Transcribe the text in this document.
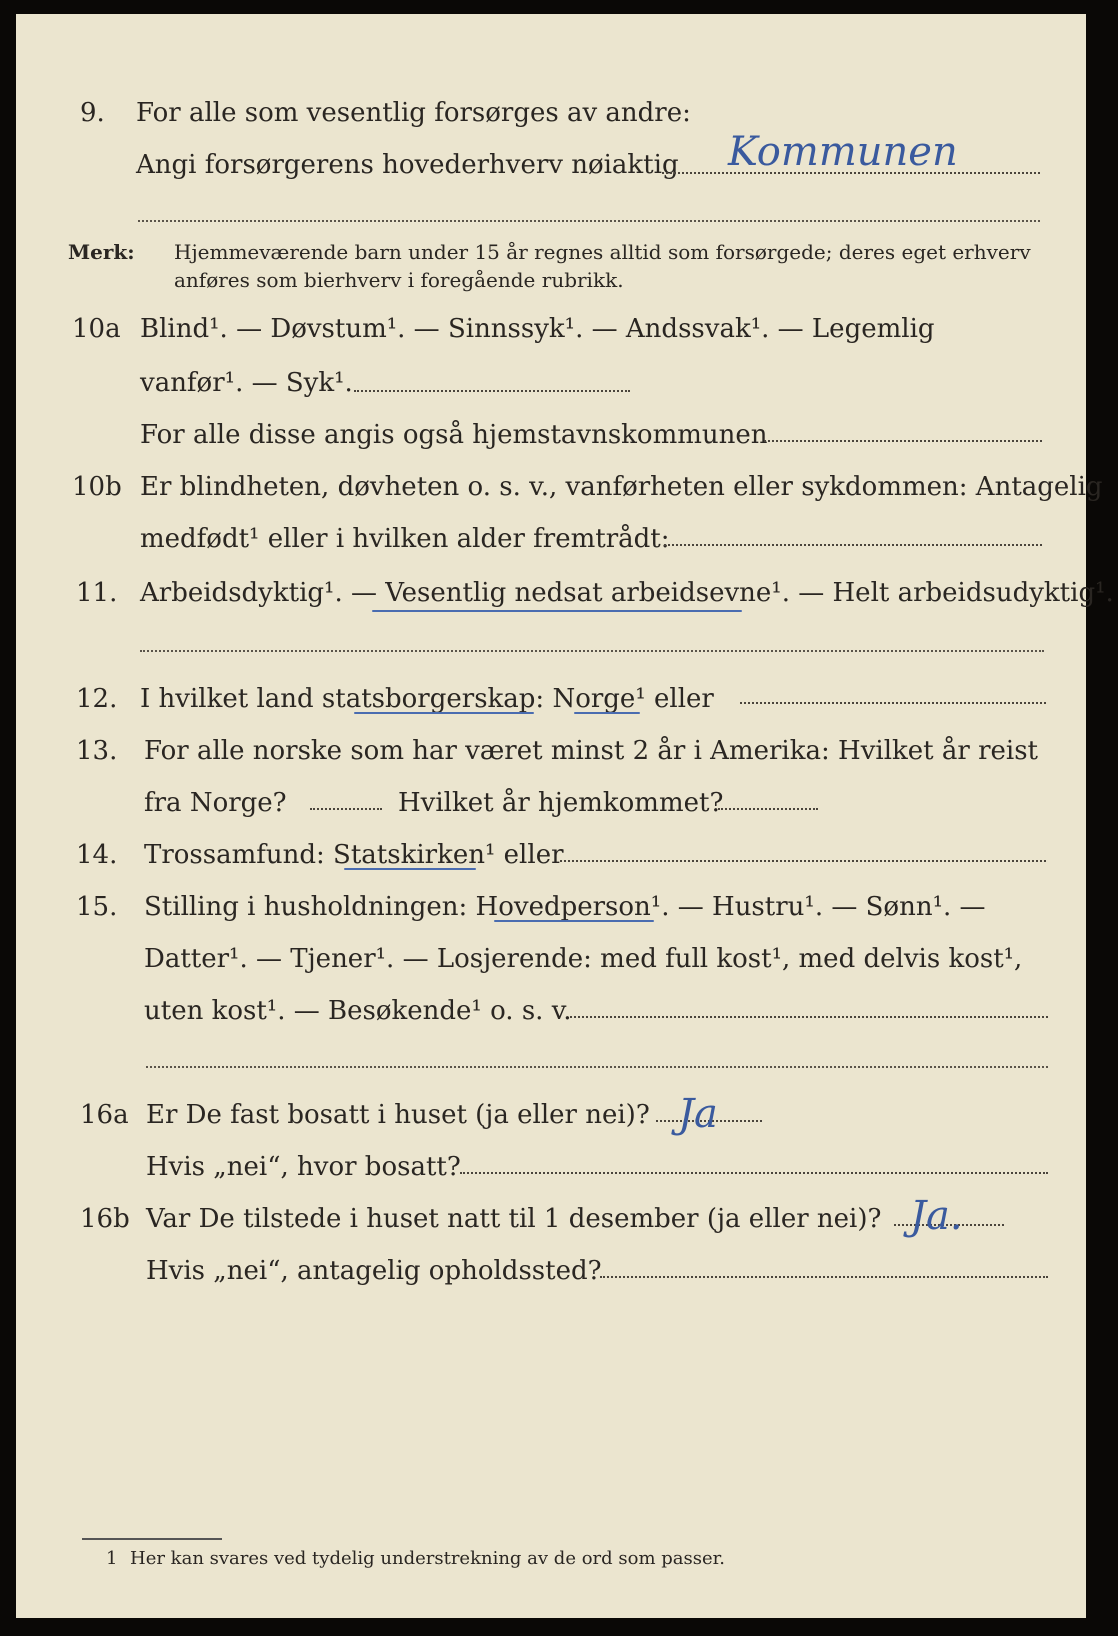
9. For alle som vesentlig forsørges av andre:
Angi forsørgerens hovederhverv nøiaktig Kommunen
Merk: Hjemmeværende barn under 15 år regnes alltid som forsørgede; deres eget erhverv
anføres som bierhverv i foregående rubrikk.
10a Blind¹. — Døvstum¹. — Sinnssyk¹. — Andssvak¹. — Legemlig
vanfør¹. — Syk¹.
For alle disse angis også hjemstavnskommunen
10b Er blindheten, døvheten o. s. v., vanførheten eller sykdommen: Antagelig
medfødt¹ eller i hvilken alder fremtrådt:
11. Arbeidsdyktig¹. — Vesentlig nedsat arbeidsevne¹. — Helt arbeidsudyktig¹.
12. I hvilket land statsborgerskap: Norge¹ eller
13. For alle norske som har været minst 2 år i Amerika: Hvilket år reist
fra Norge?	Hvilket år hjemkommet?
14. Trossamfund: Statskirken¹ eller
15. Stilling i husholdningen: Hovedperson¹. — Hustru¹. — Sønn¹. —
Datter¹. — Tjener¹. — Losjerende: med full kost¹, med delvis kost¹,
uten kost¹. — Besøkende¹ o. s. v.
16a Er De fast bosatt i huset (ja eller nei)? Ja
Hvis „nei“, hvor bosatt?
16b Var De tilstede i huset natt til 1 desember (ja eller nei)? Ja.
Hvis „nei“, antagelig opholdssted?
1 Her kan svares ved tydelig understrekning av de ord som passer.
